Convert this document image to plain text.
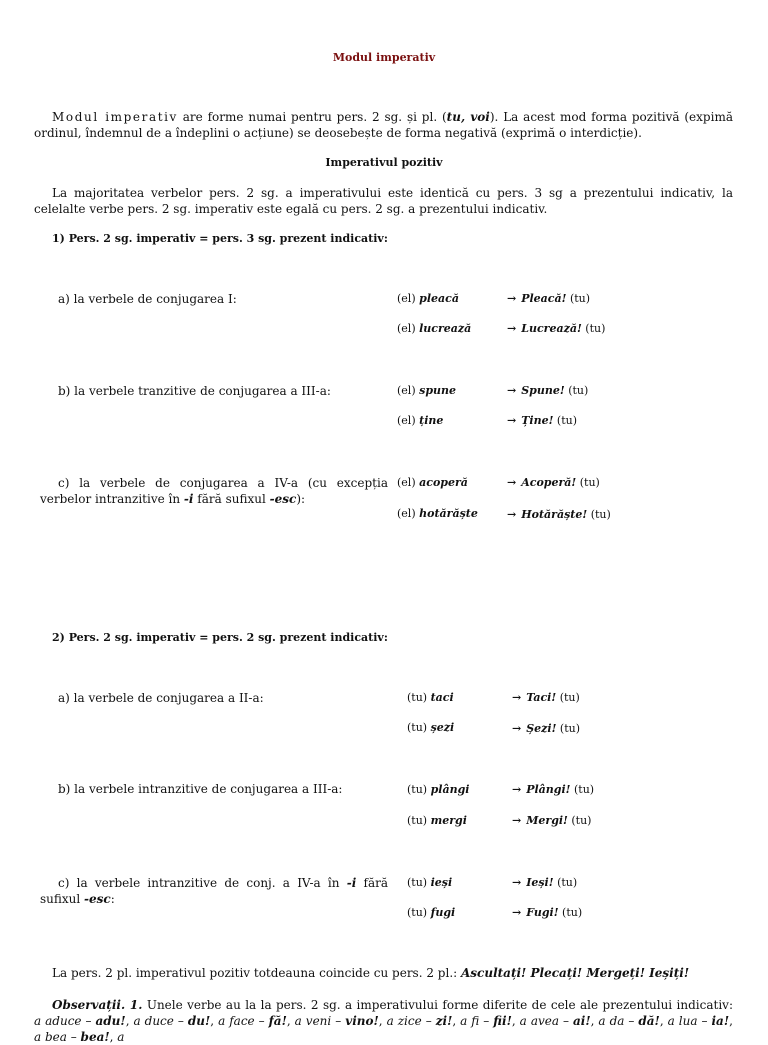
Modul imperativ

Modul imperativ are forme numai pentru pers. 2 sg. și pl. (tu, voi). La acest mod forma pozitivă (expimă ordinul, îndemnul de a îndeplini o acțiune) se deosebește de forma negativă (exprimă o interdicție).

Imperativul pozitiv

La majoritatea verbelor pers. 2 sg. a imperativului este identică cu pers. 3 sg a prezentului indicativ, la celelalte verbe pers. 2 sg. imperativ este egală cu pers. 2 sg. a prezentului indicativ.

1) Pers. 2 sg. imperativ = pers. 3 sg. prezent indicativ:
a) la verbele de conjugarea I:	(el) pleacă	→ Pleacă! (tu)
(el) lucrează	→ Lucrează! (tu)
b) la verbele tranzitive de conjugarea a III-a:	(el) spune	→ Spune! (tu)
(el) ține	→ Ține! (tu)
c) la verbele de conjugarea a IV-a (cu excepția verbelor intranzitive în -i fără sufixul -esc):
(el) acoperă	→ Acoperă! (tu)
(el) hotărăște	→ Hotărăște! (tu)
2) Pers. 2 sg. imperativ = pers. 2 sg. prezent indicativ:
a) la verbele de conjugarea a II-a:	(tu) taci	→ Taci! (tu)
(tu) șezi	→ Șezi! (tu)
b) la verbele intranzitive de conjugarea a III-a:	(tu) plângi	→ Plângi! (tu)
(tu) mergi	→ Mergi! (tu)
c) la verbele intranzitive de conj. a IV-a în -i fără sufixul -esc:
(tu) ieși	→ Ieși! (tu)
(tu) fugi	→ Fugi! (tu)

La pers. 2 pl. imperativul pozitiv totdeauna coincide cu pers. 2 pl.: Ascultați! Plecați! Mergeți! Ieșiți!

Observații. 1. Unele verbe au la la pers. 2 sg. a imperativului forme diferite de cele ale prezentului indicativ: a aduce – adu!, a duce – du!, a face – fă!, a veni – vino!, a zice – zi!, a fi – fii!, a avea – ai!, a da – dă!, a lua – ia!, a bea – bea!, a
